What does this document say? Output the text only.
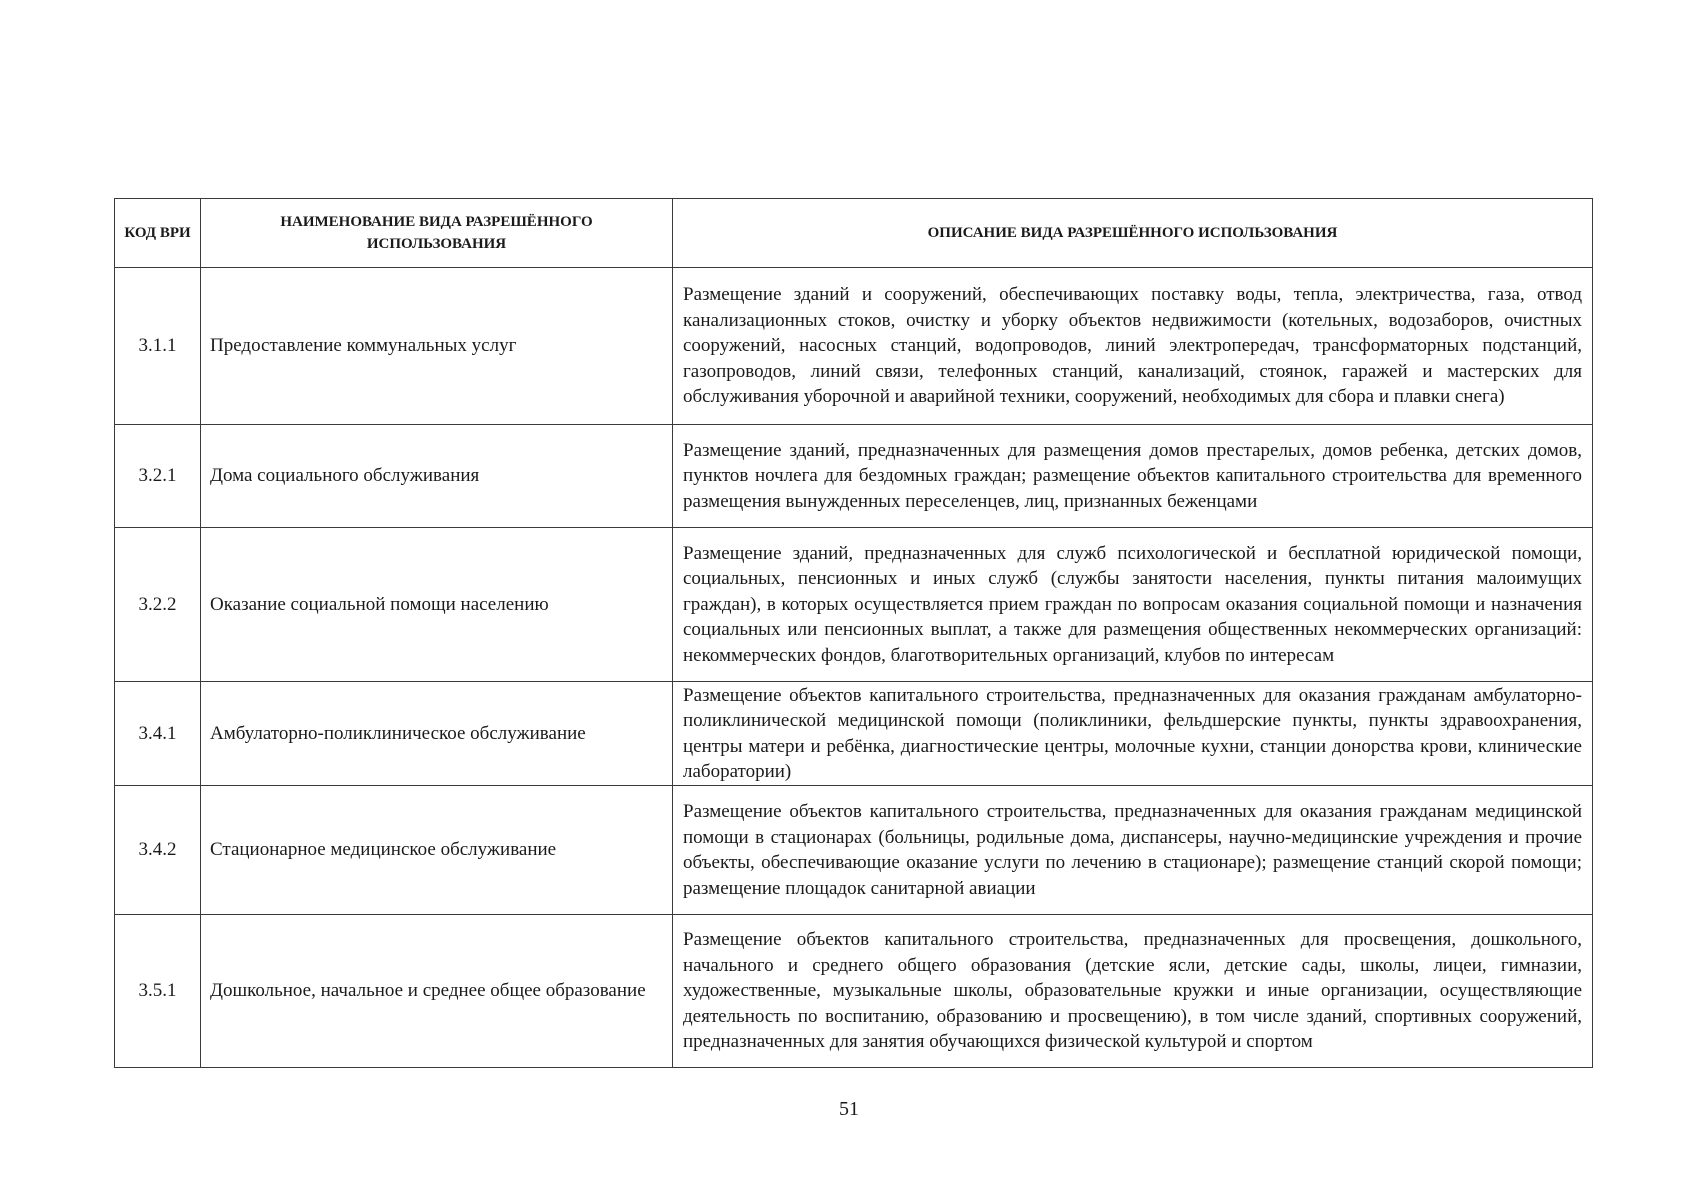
КОД ВРИ	НАИМЕНОВАНИЕ ВИДА РАЗРЕШЁННОГО ИСПОЛЬЗОВАНИЯ	ОПИСАНИЕ ВИДА РАЗРЕШЁННОГО ИСПОЛЬЗОВАНИЯ
3.1.1	Предоставление коммунальных услуг	Размещение зданий и сооружений, обеспечивающих поставку воды, тепла, электричества, газа, отвод канализационных стоков, очистку и уборку объектов недвижимости (котельных, водозаборов, очистных сооружений, насосных станций, водопроводов, линий электропередач, трансформаторных подстанций, газопроводов, линий связи, телефонных станций, канализаций, стоянок, гаражей и мастерских для обслуживания уборочной и аварийной техники, сооружений, необходимых для сбора и плавки снега)
3.2.1	Дома социального обслуживания	Размещение зданий, предназначенных для размещения домов престарелых, домов ребенка, детских домов, пунктов ночлега для бездомных граждан; размещение объектов капитального строительства для временного размещения вынужденных переселенцев, лиц, признанных беженцами
3.2.2	Оказание социальной помощи населению	Размещение зданий, предназначенных для служб психологической и бесплатной юридической помощи, социальных, пенсионных и иных служб (службы занятости населения, пункты питания малоимущих граждан), в которых осуществляется прием граждан по вопросам оказания социальной помощи и назначения социальных или пенсионных выплат, а также для размещения общественных некоммерческих организаций: некоммерческих фондов, благотворительных организаций, клубов по интересам
3.4.1	Амбулаторно-поликлиническое обслуживание	Размещение объектов капитального строительства, предназначенных для оказания гражданам амбулаторно-поликлинической медицинской помощи (поликлиники, фельдшерские пункты, пункты здравоохранения, центры матери и ребёнка, диагностические центры, молочные кухни, станции донорства крови, клинические лаборатории)
3.4.2	Стационарное медицинское обслуживание	Размещение объектов капитального строительства, предназначенных для оказания гражданам медицинской помощи в стационарах (больницы, родильные дома, диспансеры, научно-медицинские учреждения и прочие объекты, обеспечивающие оказание услуги по лечению в стационаре); размещение станций скорой помощи; размещение площадок санитарной авиации
3.5.1	Дошкольное, начальное и среднее общее образование	Размещение объектов капитального строительства, предназначенных для просвещения, дошкольного, начального и среднего общего образования (детские ясли, детские сады, школы, лицеи, гимназии, художественные, музыкальные школы, образовательные кружки и иные организации, осуществляющие деятельность по воспитанию, образованию и просвещению), в том числе зданий, спортивных сооружений, предназначенных для занятия обучающихся физической культурой и спортом
51
